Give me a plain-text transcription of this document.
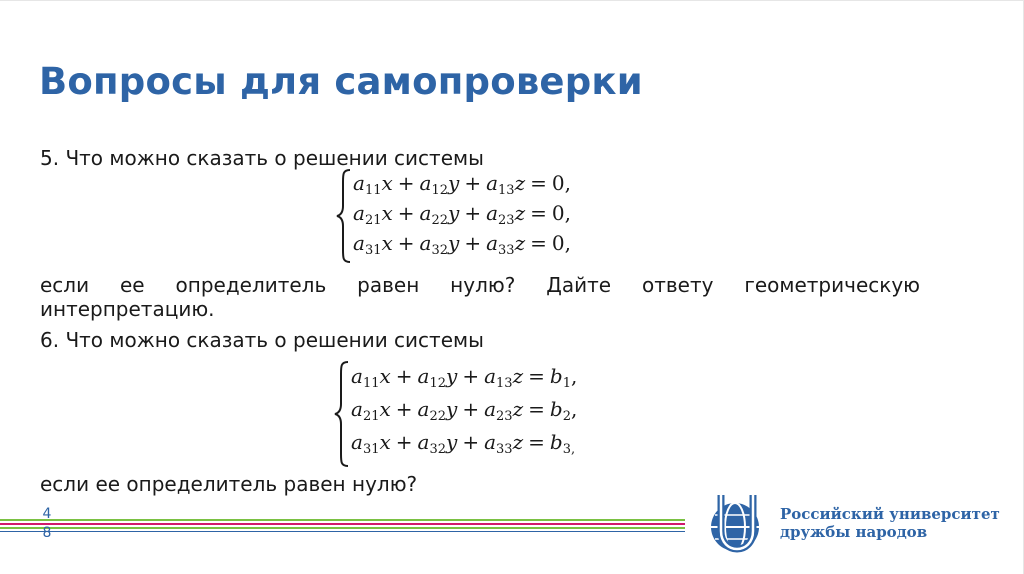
Вопросы для самопроверки
5. Что можно сказать о решении системы
$a_{11}x + a_{12}y + a_{13}z = 0$,
$a_{21}x + a_{22}y + a_{23}z = 0$,
$a_{31}x + a_{32}y + a_{33}z = 0$,
если ее определитель равен нулю? Дайте ответу геометрическую интерпретацию.
6. Что можно сказать о решении системы
$a_{11}x + a_{12}y + a_{13}z = b_1$,
$a_{21}x + a_{22}y + a_{23}z = b_2$,
$a_{31}x + a_{32}y + a_{33}z = b_{3,}$
если ее определитель равен нулю?
4
8
Российский университет
дружбы народов
